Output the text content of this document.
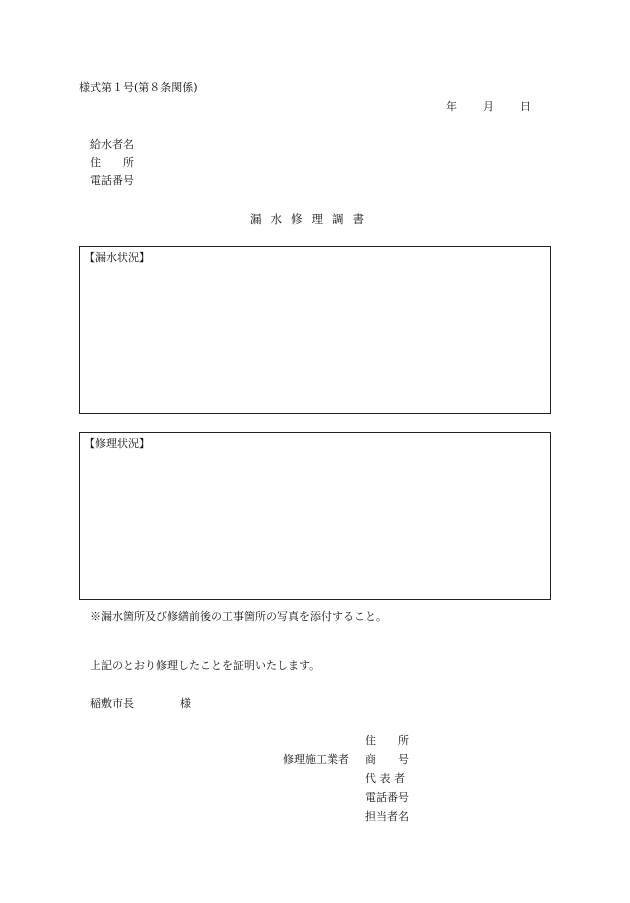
様式第１号(第８条関係)
年 月 日
給水者名
住　　所
電話番号
漏水修理調書
【漏水状況】
【修理状況】
※漏水箇所及び修繕前後の工事箇所の写真を添付すること。
上記のとおり修理したことを証明いたします。
稲敷市長	様
修理施工業者
住　　所
商　　号
代 表 者
電話番号
担当者名
